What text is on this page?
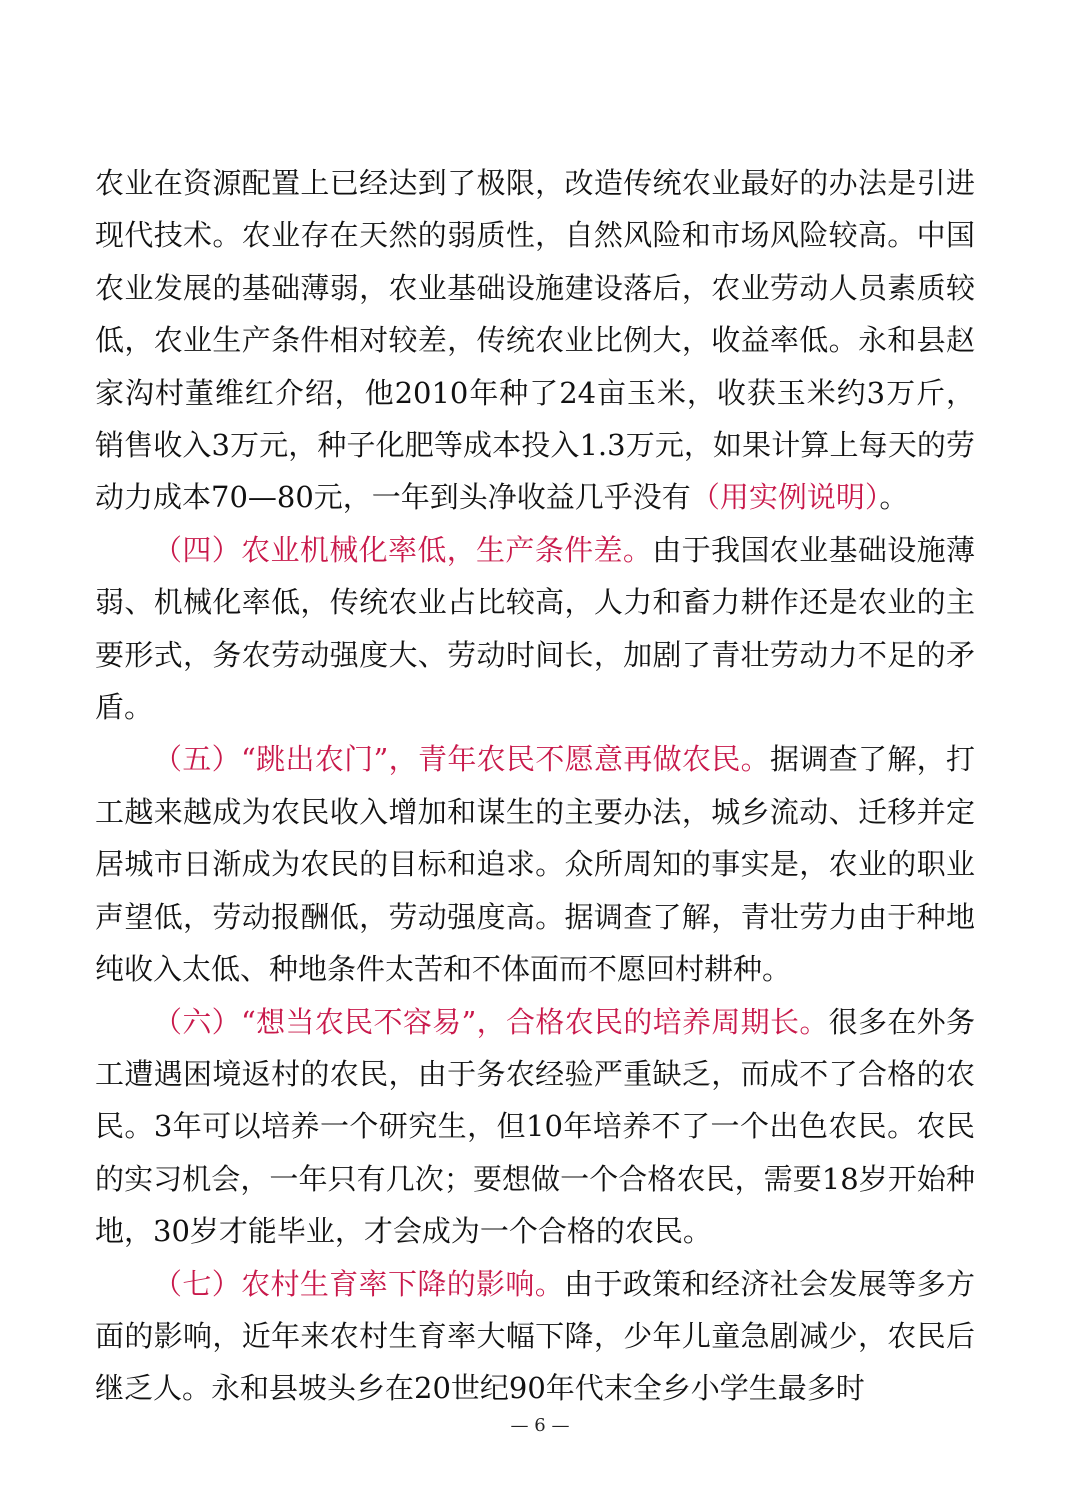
农业在资源配置上已经达到了极限，改造传统农业最好的办法是引进现代技术。农业存在天然的弱质性，自然风险和市场风险较高。中国农业发展的基础薄弱，农业基础设施建设落后，农业劳动人员素质较低，农业生产条件相对较差，传统农业比例大，收益率低。永和县赵家沟村董维红介绍，他2010年种了24亩玉米，收获玉米约3万斤，销售收入3万元，种子化肥等成本投入1.3万元，如果计算上每天的劳动力成本70—80元，一年到头净收益几乎没有（用实例说明）。

（四）农业机械化率低，生产条件差。由于我国农业基础设施薄弱、机械化率低，传统农业占比较高，人力和畜力耕作还是农业的主要形式，务农劳动强度大、劳动时间长，加剧了青壮劳动力不足的矛盾。

（五）“跳出农门”，青年农民不愿意再做农民。据调查了解，打工越来越成为农民收入增加和谋生的主要办法，城乡流动、迁移并定居城市日渐成为农民的目标和追求。众所周知的事实是，农业的职业声望低，劳动报酬低，劳动强度高。据调查了解，青壮劳力由于种地纯收入太低、种地条件太苦和不体面而不愿回村耕种。

（六）“想当农民不容易”，合格农民的培养周期长。很多在外务工遭遇困境返村的农民，由于务农经验严重缺乏，而成不了合格的农民。3年可以培养一个研究生，但10年培养不了一个出色农民。农民的实习机会，一年只有几次；要想做一个合格农民，需要18岁开始种地，30岁才能毕业，才会成为一个合格的农民。

（七）农村生育率下降的影响。由于政策和经济社会发展等多方面的影响，近年来农村生育率大幅下降，少年儿童急剧减少，农民后继乏人。永和县坡头乡在20世纪90年代末全乡小学生最多时

— 6 —
